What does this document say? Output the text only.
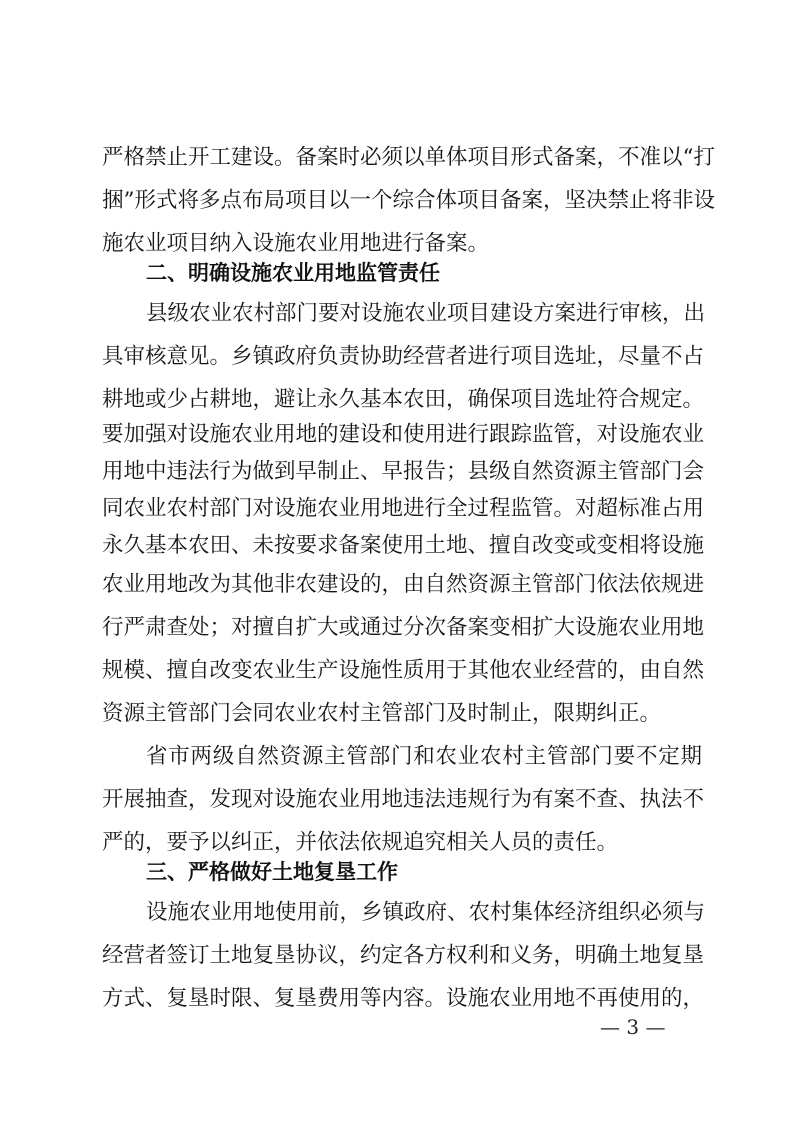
严格禁止开工建设。备案时必须以单体项目形式备案，不准以“打
捆”形式将多点布局项目以一个综合体项目备案，坚决禁止将非设
施农业项目纳入设施农业用地进行备案。
二、明确设施农业用地监管责任
县级农业农村部门要对设施农业项目建设方案进行审核，出
具审核意见。乡镇政府负责协助经营者进行项目选址，尽量不占
耕地或少占耕地，避让永久基本农田，确保项目选址符合规定。
要加强对设施农业用地的建设和使用进行跟踪监管，对设施农业
用地中违法行为做到早制止、早报告；县级自然资源主管部门会
同农业农村部门对设施农业用地进行全过程监管。对超标准占用
永久基本农田、未按要求备案使用土地、擅自改变或变相将设施
农业用地改为其他非农建设的，由自然资源主管部门依法依规进
行严肃查处；对擅自扩大或通过分次备案变相扩大设施农业用地
规模、擅自改变农业生产设施性质用于其他农业经营的，由自然
资源主管部门会同农业农村主管部门及时制止，限期纠正。
省市两级自然资源主管部门和农业农村主管部门要不定期
开展抽查，发现对设施农业用地违法违规行为有案不查、执法不
严的，要予以纠正，并依法依规追究相关人员的责任。
三、严格做好土地复垦工作
设施农业用地使用前，乡镇政府、农村集体经济组织必须与
经营者签订土地复垦协议，约定各方权利和义务，明确土地复垦
方式、复垦时限、复垦费用等内容。设施农业用地不再使用的，
— 3 —
